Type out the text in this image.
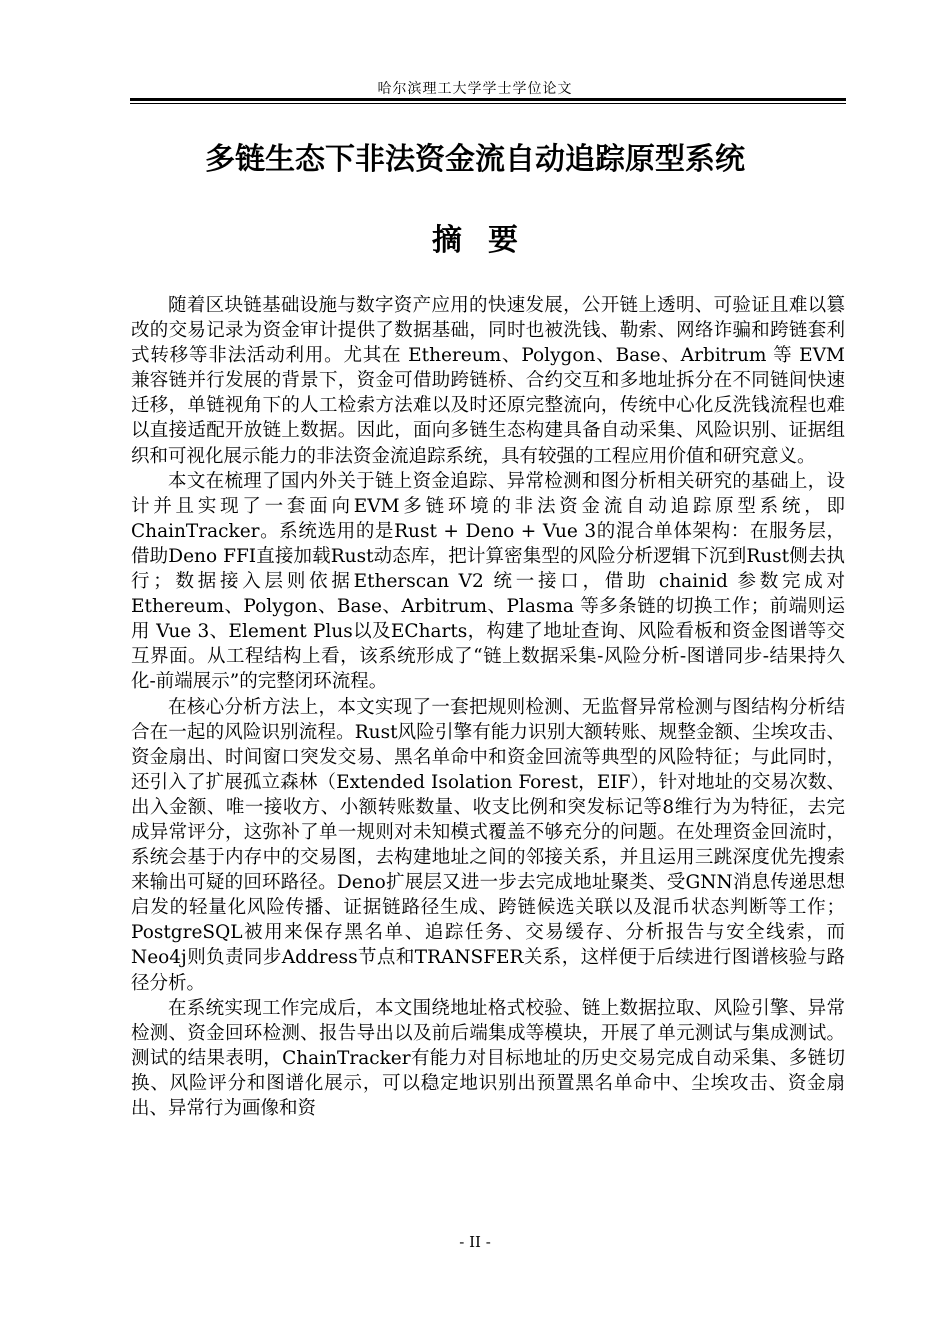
哈尔滨理工大学学士学位论文
多链生态下非法资金流自动追踪原型系统
摘要

随着区块链基础设施与数字资产应用的快速发展，公开链上透明、可验证且难以篡改的交易记录为资金审计提供了数据基础，同时也被洗钱、勒索、网络诈骗和跨链套利式转移等非法活动利用。尤其在 Ethereum、Polygon、Base、Arbitrum 等 EVM 兼容链并行发展的背景下，资金可借助跨链桥、合约交互和多地址拆分在不同链间快速迁移，单链视角下的人工检索方法难以及时还原完整流向，传统中心化反洗钱流程也难以直接适配开放链上数据。因此，面向多链生态构建具备自动采集、风险识别、证据组织和可视化展示能力的非法资金流追踪系统，具有较强的工程应用价值和研究意义。

本文在梳理了国内外关于链上资金追踪、异常检测和图分析相关研究的基础上，设计并且实现了一套面向EVM多链环境的非法资金流自动追踪原型系统，即ChainTracker。系统选用的是Rust + Deno + Vue 3的混合单体架构：在服务层，借助Deno FFI直接加载Rust动态库，把计算密集型的风险分析逻辑下沉到Rust侧去执行；数据接入层则依据Etherscan V2 统一接口，借助 chainid 参数完成对 Ethereum、Polygon、Base、Arbitrum、Plasma 等多条链的切换工作；前端则运用 Vue 3、Element Plus以及ECharts，构建了地址查询、风险看板和资金图谱等交互界面。从工程结构上看，该系统形成了“链上数据采集-风险分析-图谱同步-结果持久化-前端展示”的完整闭环流程。

在核心分析方法上，本文实现了一套把规则检测、无监督异常检测与图结构分析结合在一起的风险识别流程。Rust风险引擎有能力识别大额转账、规整金额、尘埃攻击、资金扇出、时间窗口突发交易、黑名单命中和资金回流等典型的风险特征；与此同时，还引入了扩展孤立森林（Extended Isolation Forest，EIF），针对地址的交易次数、出入金额、唯一接收方、小额转账数量、收支比例和突发标记等8维行为为特征，去完成异常评分，这弥补了单一规则对未知模式覆盖不够充分的问题。在处理资金回流时，系统会基于内存中的交易图，去构建地址之间的邻接关系，并且运用三跳深度优先搜索来输出可疑的回环路径。Deno扩展层又进一步去完成地址聚类、受GNN消息传递思想启发的轻量化风险传播、证据链路径生成、跨链候选关联以及混币状态判断等工作；PostgreSQL被用来保存黑名单、追踪任务、交易缓存、分析报告与安全线索，而Neo4j则负责同步Address节点和TRANSFER关系，这样便于后续进行图谱核验与路径分析。

在系统实现工作完成后，本文围绕地址格式校验、链上数据拉取、风险引擎、异常检测、资金回环检测、报告导出以及前后端集成等模块，开展了单元测试与集成测试。测试的结果表明，ChainTracker有能力对目标地址的历史交易完成自动采集、多链切换、风险评分和图谱化展示，可以稳定地识别出预置黑名单命中、尘埃攻击、资金扇出、异常行为画像和资

- II -
